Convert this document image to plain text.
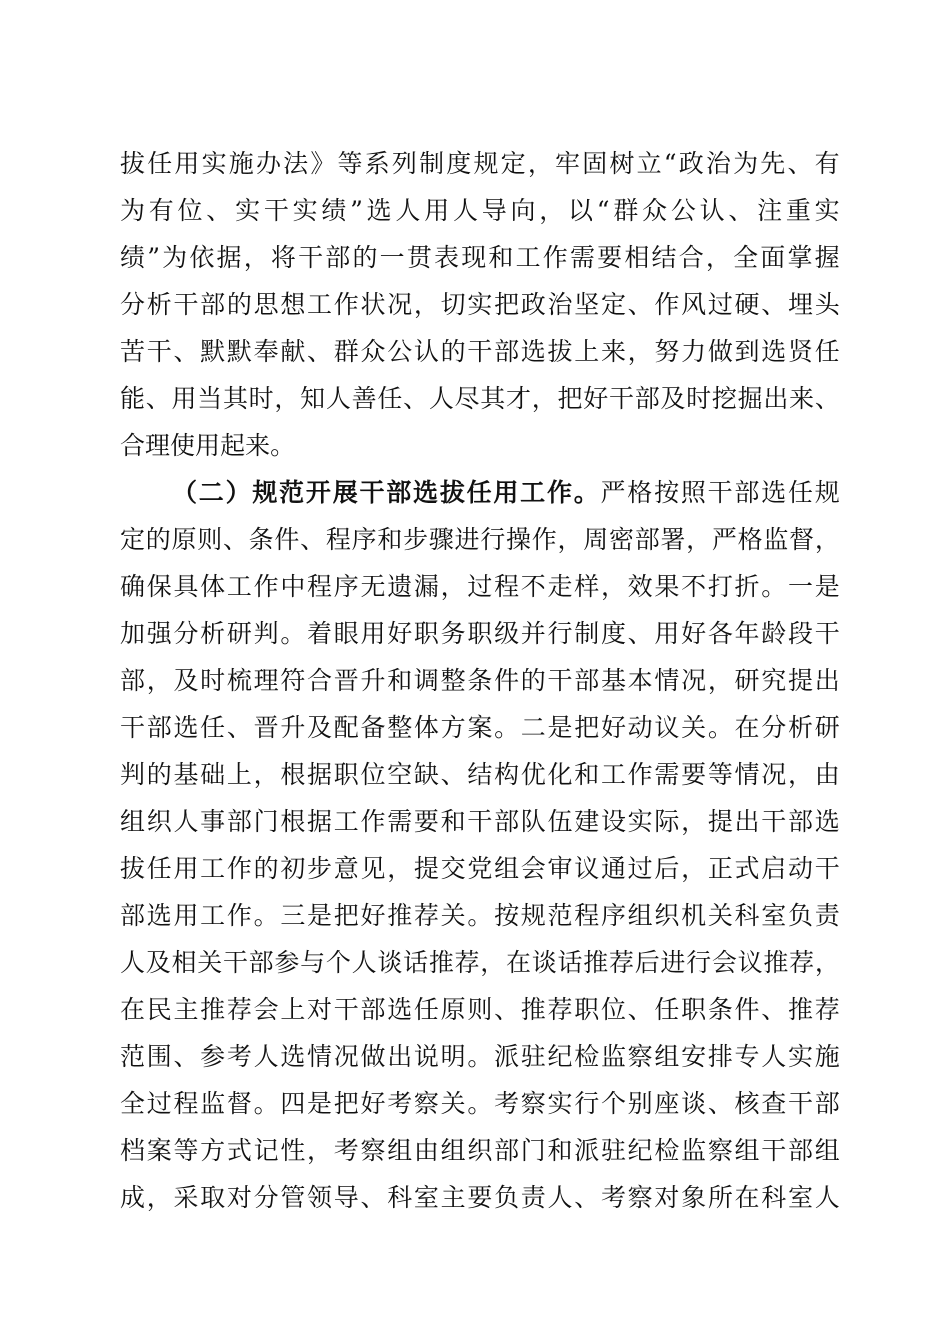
拔 任 用 实 施 办 法 》 等 系 列 制 度 规 定 ， 牢 固 树 立 “ 政 治 为 先 、 有
为 有 位 、 实 干 实 绩 ” 选 人 用 人 导 向 ， 以 “ 群 众 公 认 、 注 重 实
绩 ” 为 依 据 ， 将 干 部 的 一 贯 表 现 和 工 作 需 要 相 结 合 ， 全 面 掌 握
分 析 干 部 的 思 想 工 作 状 况 ， 切 实 把 政 治 坚 定 、 作 风 过 硬 、 埋 头
苦 干 、 默 默 奉 献 、 群 众 公 认 的 干 部 选 拔 上 来 ， 努 力 做 到 选 贤 任
能 、 用 当 其 时 ， 知 人 善 任 、 人 尽 其 才 ， 把 好 干 部 及 时 挖 掘 出 来 、
合 理 使 用 起 来 。
（ 二 ） 规 范 开 展 干 部 选 拔 任 用 工 作 。 严 格 按 照 干 部 选 任 规
定 的 原 则 、 条 件 、 程 序 和 步 骤 进 行 操 作 ， 周 密 部 署 ， 严 格 监 督 ，
确 保 具 体 工 作 中 程 序 无 遗 漏 ， 过 程 不 走 样 ， 效 果 不 打 折 。 一 是
加 强 分 析 研 判 。 着 眼 用 好 职 务 职 级 并 行 制 度 、 用 好 各 年 龄 段 干
部 ， 及 时 梳 理 符 合 晋 升 和 调 整 条 件 的 干 部 基 本 情 况 ， 研 究 提 出
干 部 选 任 、 晋 升 及 配 备 整 体 方 案 。 二 是 把 好 动 议 关 。 在 分 析 研
判 的 基 础 上 ， 根 据 职 位 空 缺 、 结 构 优 化 和 工 作 需 要 等 情 况 ， 由
组 织 人 事 部 门 根 据 工 作 需 要 和 干 部 队 伍 建 设 实 际 ， 提 出 干 部 选
拔 任 用 工 作 的 初 步 意 见 ， 提 交 党 组 会 审 议 通 过 后 ， 正 式 启 动 干
部 选 用 工 作 。 三 是 把 好 推 荐 关 。 按 规 范 程 序 组 织 机 关 科 室 负 责
人 及 相 关 干 部 参 与 个 人 谈 话 推 荐 ， 在 谈 话 推 荐 后 进 行 会 议 推 荐 ，
在 民 主 推 荐 会 上 对 干 部 选 任 原 则 、 推 荐 职 位 、 任 职 条 件 、 推 荐
范 围 、 参 考 人 选 情 况 做 出 说 明 。 派 驻 纪 检 监 察 组 安 排 专 人 实 施
全 过 程 监 督 。 四 是 把 好 考 察 关 。 考 察 实 行 个 别 座 谈 、 核 查 干 部
档 案 等 方 式 记 性 ， 考 察 组 由 组 织 部 门 和 派 驻 纪 检 监 察 组 干 部 组
成 ， 采 取 对 分 管 领 导 、 科 室 主 要 负 责 人 、 考 察 对 象 所 在 科 室 人
